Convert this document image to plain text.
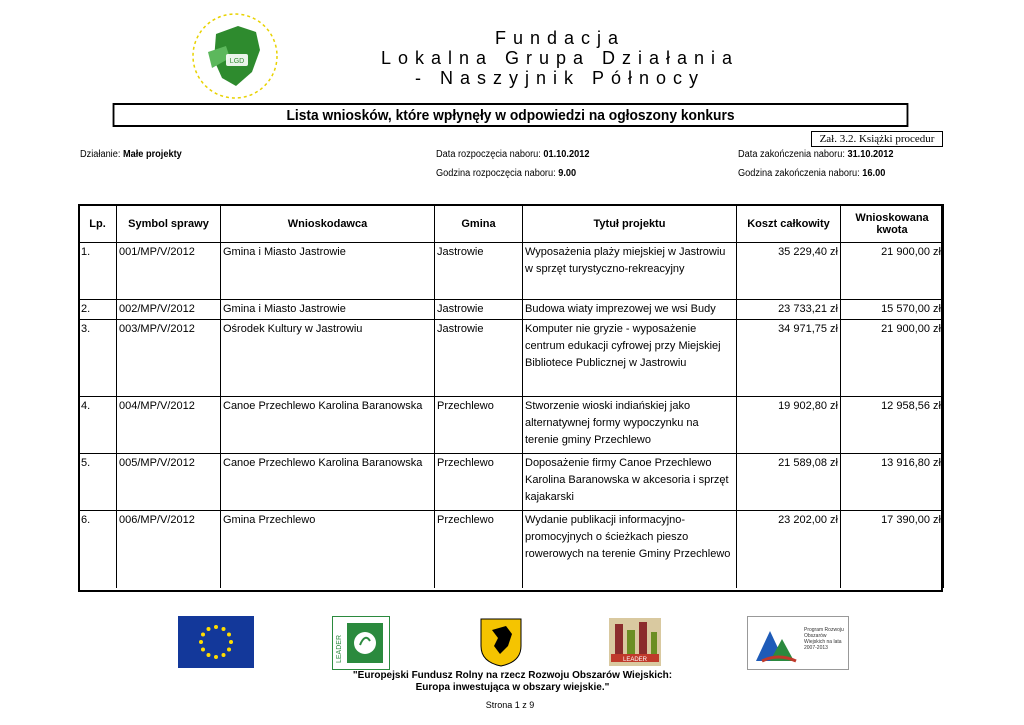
LGD
Fundacja
Lokalna Grupa Działania
- Naszyjnik Północy
Lista wniosków, które wpłynęły w odpowiedzi na ogłoszony konkurs
Zał. 3.2. Książki procedur
Działanie: Małe projekty	Data rozpoczęcia naboru: 01.10.2012
Godzina rozpoczęcia naboru: 9.00
Data zakończenia naboru: 31.10.2012
Godzina zakończenia naboru: 16.00
Lp.	Symbol sprawy	Wnioskodawca	Gmina	Tytuł projektu	Koszt całkowity	Wnioskowana kwota
1.	001/MP/V/2012	Gmina i Miasto Jastrowie	Jastrowie	Wyposażenia plaży miejskiej w Jastrowiu w sprzęt turystyczno-rekreacyjny	35 229,40 zł	21 900,00 zł
2.	002/MP/V/2012	Gmina i Miasto Jastrowie	Jastrowie	Budowa wiaty imprezowej we wsi Budy	23 733,21 zł	15 570,00 zł
3.	003/MP/V/2012	Ośrodek Kultury w Jastrowiu	Jastrowie	Komputer nie gryzie - wyposażenie centrum edukacji cyfrowej przy Miejskiej Bibliotece Publicznej w Jastrowiu	34 971,75 zł	21 900,00 zł
4.	004/MP/V/2012	Canoe Przechlewo Karolina Baranowska	Przechlewo	Stworzenie wioski indiańskiej jako alternatywnej formy wypoczynku na terenie gminy Przechlewo	19 902,80 zł	12 958,56 zł
5.	005/MP/V/2012	Canoe Przechlewo Karolina Baranowska	Przechlewo	Doposażenie firmy Canoe Przechlewo Karolina Baranowska w akcesoria i sprzęt kajakarski	21 589,08 zł	13 916,80 zł
6.	006/MP/V/2012	Gmina Przechlewo	Przechlewo	Wydanie publikacji informacyjno-promocyjnych o ścieżkach pieszo rowerowych na terenie Gminy Przechlewo	23 202,00 zł	17 390,00 zł
LEADER	LEADER
Program Rozwoju Obszarów Wiejskich na lata 2007-2013
"Europejski Fundusz Rolny na rzecz Rozwoju Obszarów Wiejskich:
Europa inwestująca w obszary wiejskie."
Strona 1 z 9
